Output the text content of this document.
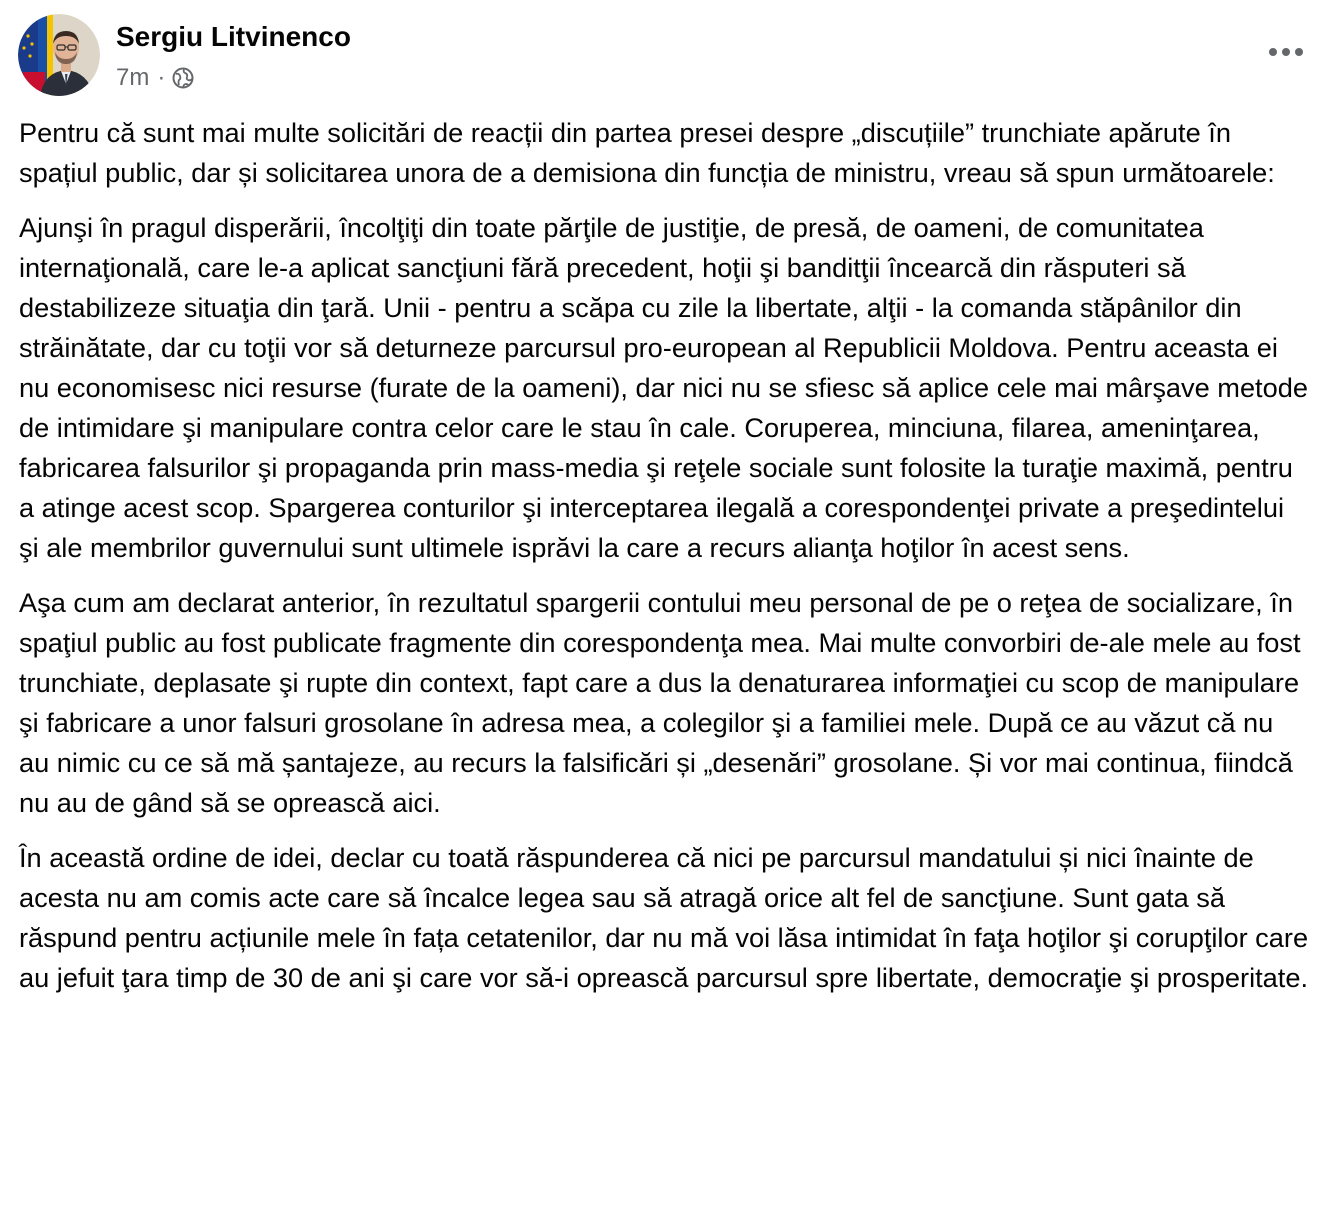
Sergiu Litvinenco
7m ·

Pentru că sunt mai multe solicitări de reacții din partea presei despre „discuțiile” trunchiate apărute în spațiul public, dar și solicitarea unora de a demisiona din funcția de ministru, vreau să spun următoarele:

Ajunşi în pragul disperării, încolţiţi din toate părţile de justiţie, de presă, de oameni, de comunitatea internaţională, care le-a aplicat sancţiuni fără precedent, hoţii şi banditţii încearcă din răsputeri să destabilizeze situaţia din ţară. Unii - pentru a scăpa cu zile la libertate, alţii - la comanda stăpânilor din străinătate, dar cu toţii vor să deturneze parcursul pro-european al Republicii Moldova. Pentru aceasta ei nu economisesc nici resurse (furate de la oameni), dar nici nu se sfiesc să aplice cele mai mârşave metode de intimidare şi manipulare contra celor care le stau în cale. Coruperea, minciuna, filarea, ameninţarea, fabricarea falsurilor şi propaganda prin mass-media şi reţele sociale sunt folosite la turaţie maximă, pentru a atinge acest scop. Spargerea conturilor şi interceptarea ilegală a corespondenţei private a preşedintelui şi ale membrilor guvernului sunt ultimele isprăvi la care a recurs alianţa hoţilor în acest sens.

Aşa cum am declarat anterior, în rezultatul spargerii contului meu personal de pe o reţea de socializare, în spaţiul public au fost publicate fragmente din corespondenţa mea. Mai multe convorbiri de-ale mele au fost trunchiate, deplasate şi rupte din context, fapt care a dus la denaturarea informaţiei cu scop de manipulare şi fabricare a unor falsuri grosolane în adresa mea, a colegilor şi a familiei mele. După ce au văzut că nu au nimic cu ce să mă șantajeze, au recurs la falsificări și „desenări” grosolane. Și vor mai continua, fiindcă nu au de gând să se oprească aici.

În această ordine de idei, declar cu toată răspunderea că nici pe parcursul mandatului și nici înainte de acesta nu am comis acte care să încalce legea sau să atragă orice alt fel de sancţiune. Sunt gata să răspund pentru acțiunile mele în fața cetatenilor, dar nu mă voi lăsa intimidat în faţa hoţilor şi corupţilor care au jefuit ţara timp de 30 de ani şi care vor să-i oprească parcursul spre libertate, democraţie şi prosperitate.
